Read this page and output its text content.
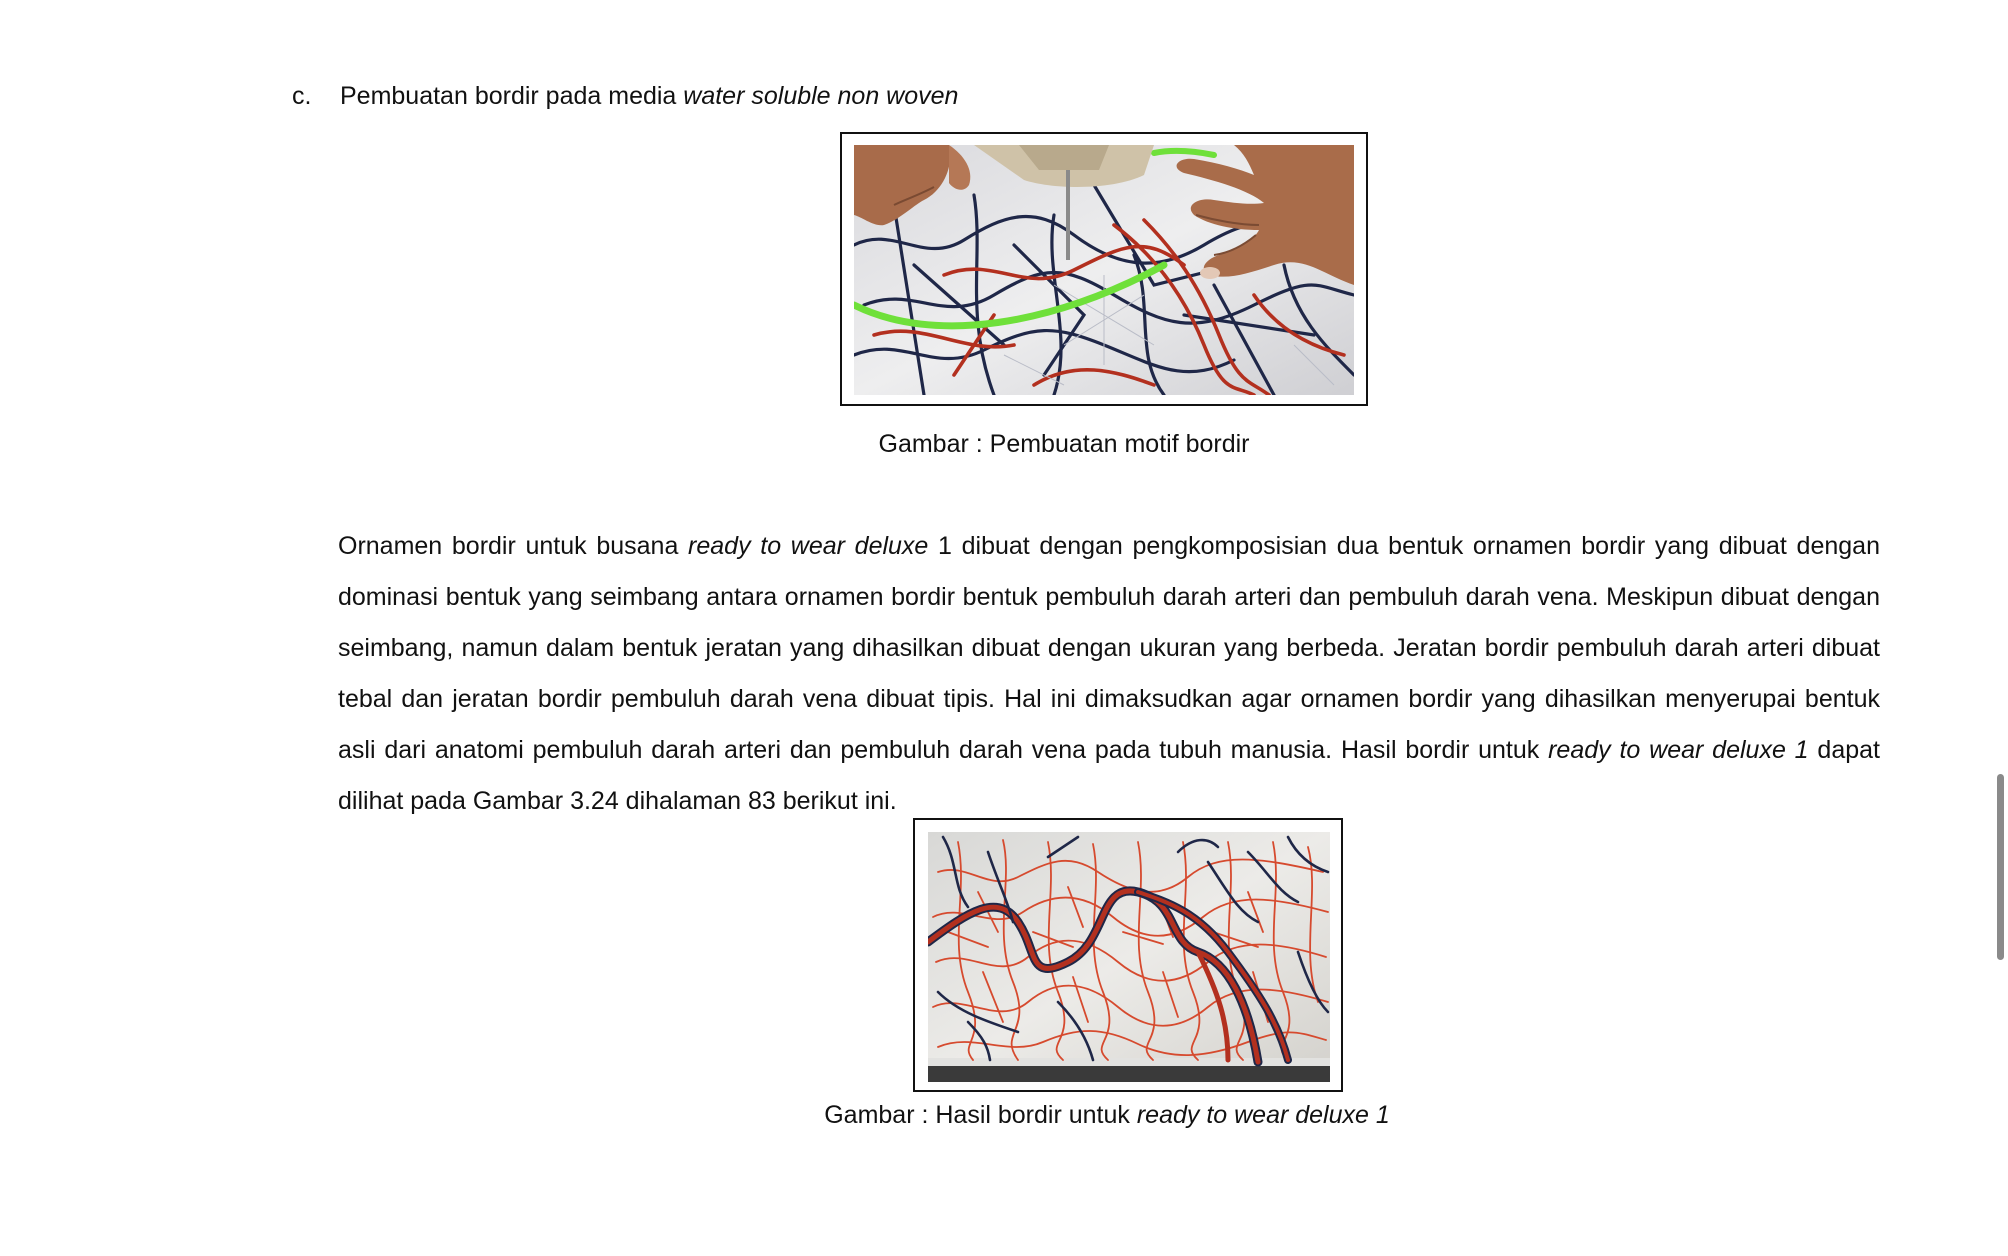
c. Pembuatan bordir pada media water soluble non woven
Gambar : Pembuatan motif bordir

Ornamen bordir untuk busana ready to wear deluxe 1 dibuat dengan pengkomposisian dua bentuk ornamen bordir yang dibuat dengan dominasi bentuk yang seimbang antara ornamen bordir bentuk pembuluh darah arteri dan pembuluh darah vena. Meskipun dibuat dengan seimbang, namun dalam bentuk jeratan yang dihasilkan dibuat dengan ukuran yang berbeda. Jeratan bordir pembuluh darah arteri dibuat tebal dan jeratan bordir pembuluh darah vena dibuat tipis. Hal ini dimaksudkan agar ornamen bordir yang dihasilkan menyerupai bentuk asli dari anatomi pembuluh darah arteri dan pembuluh darah vena pada tubuh manusia. Hasil bordir untuk ready to wear deluxe 1 dapat dilihat pada Gambar 3.24 dihalaman 83 berikut ini.

Gambar : Hasil bordir untuk ready to wear deluxe 1
